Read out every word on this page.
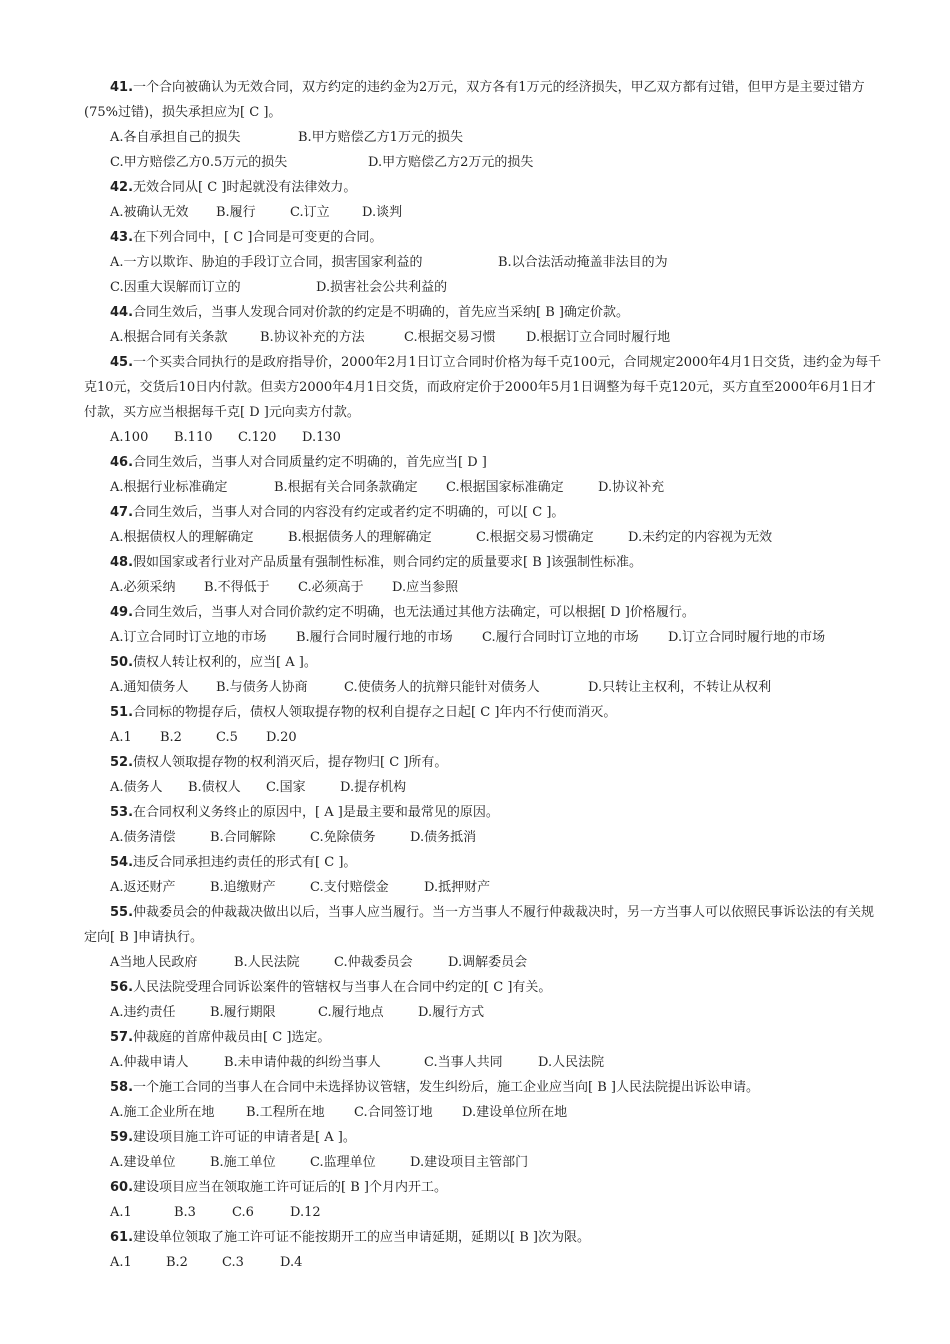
41.一个合向被确认为无效合同，双方约定的违约金为2万元，双方各有1万元的经济损失，甲乙双方都有过错，但甲方是主要过错方(75%过错)，损失承担应为[ C ]。
A.各自承担自己的损失	B.甲方赔偿乙方1万元的损失
C.甲方赔偿乙方0.5万元的损失	D.甲方赔偿乙方2万元的损失
42.无效合同从[ C ]时起就没有法律效力。
A.被确认无效 B.履行	C.订立 D.谈判
43.在下列合同中，[ C ]合同是可变更的合同。
A.一方以欺诈、胁迫的手段订立合同，损害国家利益的	B.以合法活动掩盖非法目的为
C.因重大误解而订立的	D.损害社会公共利益的
44.合同生效后，当事人发现合同对价款的约定是不明确的，首先应当采纳[ B ]确定价款。
A.根据合同有关条款 B.协议补充的方法	C.根据交易习惯 D.根据订立合同时履行地
45.一个买卖合同执行的是政府指导价，2000年2月1日订立合同时价格为每千克100元，合同规定2000年4月1日交货，违约金为每千克10元，交货后10日内付款。但卖方2000年4月1日交货，而政府定价于2000年5月1日调整为每千克120元，买方直至2000年6月1日才付款，买方应当根据每千克[ D ]元向卖方付款。
A.100 B.110 C.120 D.130
46.合同生效后，当事人对合同质量约定不明确的，首先应当[ D ]
A.根据行业标准确定	B.根据有关合同条款确定 C.根据国家标准确定	D.协议补充
47.合同生效后，当事人对合同的内容没有约定或者约定不明确的，可以[ C ]。
A.根据债权人的理解确定	B.根据债务人的理解确定	C.根据交易习惯确定	D.未约定的内容视为无效
48.假如国家或者行业对产品质量有强制性标准，则合同约定的质量要求[ B ]该强制性标准。
A.必须采纳 B.不得低于 C.必须高于 D.应当参照
49.合同生效后，当事人对合同价款约定不明确，也无法通过其他方法确定，可以根据[ D ]价格履行。
A.订立合同时订立地的市场 B.履行合同时履行地的市场 C.履行合同时订立地的市场 D.订立合同时履行地的市场
50.债权人转让权利的，应当[ A ]。
A.通知债务人 B.与债务人协商	C.使债务人的抗辩只能针对债务人	D.只转让主权利，不转让从权利
51.合同标的物提存后，债权人领取提存物的权利自提存之日起[ C ]年内不行使而消灭。
A.1 B.2	C.5 D.20
52.债权人领取提存物的权利消灭后，提存物归[ C ]所有。
A.债务人 B.债权人 C.国家	D.提存机构
53.在合同权利义务终止的原因中，[ A ]是最主要和最常见的原因。
A.债务清偿	B.合同解除	C.免除债务	D.债务抵消
54.违反合同承担违约责任的形式有[ C ]。
A.返还财产	B.追缴财产	C.支付赔偿金	D.抵押财产
55.仲裁委员会的仲裁裁决做出以后，当事人应当履行。当一方当事人不履行仲裁裁决时，另一方当事人可以依照民事诉讼法的有关规定向[ B ]申请执行。
A当地人民政府	B.人民法院	C.仲裁委员会	D.调解委员会
56.人民法院受理合同诉讼案件的管辖权与当事人在合同中约定的[ C ]有关。
A.违约责任	B.履行期限	C.履行地点	D.履行方式
57.仲裁庭的首席仲裁员由[ C ]选定。
A.仲裁申请人	B.未申请仲裁的纠纷当事人	C.当事人共同	D.人民法院
58.一个施工合同的当事人在合同中未选择协议管辖，发生纠纷后，施工企业应当向[ B ]人民法院提出诉讼申请。
A.施工企业所在地 B.工程所在地 C.合同签订地 D.建设单位所在地
59.建设项目施工许可证的申请者是[ A ]。
A.建设单位	B.施工单位	C.监理单位	D.建设项目主管部门
60.建设项目应当在领取施工许可证后的[ B ]个月内开工。
A.1	B.3	C.6	D.12
61.建设单位领取了施工许可证不能按期开工的应当申请延期，延期以[ B ]次为限。
A.1	B.2	C.3	D.4
